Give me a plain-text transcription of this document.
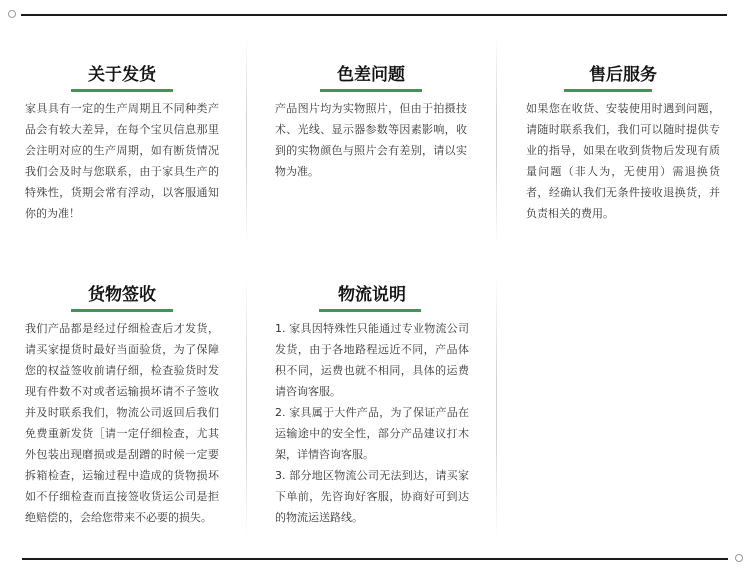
关于发货

家具具有一定的生产周期且不同种类产品会有较大差异，在每个宝贝信息那里会注明对应的生产周期，如有断货情况我们会及时与您联系，由于家具生产的特殊性，货期会常有浮动，以客服通知你的为准！

色差问题

产品图片均为实物照片，但由于拍摄技术、光线、显示器参数等因素影响，收到的实物颜色与照片会有差别，请以实物为准。

售后服务

如果您在收货、安装使用时遇到问题，请随时联系我们，我们可以随时提供专业的指导，如果在收到货物后发现有质量问题（非人为，无使用）需退换货者，经确认我们无条件接收退换货，并负责相关的费用。

货物签收

我们产品都是经过仔细检查后才发货，请买家提货时最好当面验货，为了保障您的权益签收前请仔细，检查验货时发现有件数不对或者运输损坏请不子签收并及时联系我们，物流公司返回后我们免费重新发货［请一定仔细检查，尤其外包装出现磨损或是刮蹭的时候一定要拆箱检查，运输过程中造成的货物损坏如不仔细检查而直接签收货运公司是拒绝赔偿的，会给您带来不必要的损失。

物流说明

1. 家具因特殊性只能通过专业物流公司发货，由于各地路程远近不同，产品体积不同，运费也就不相同，具体的运费请咨询客服。

2. 家具属于大件产品，为了保证产品在运输途中的安全性，部分产品建议打木架，详情咨询客服。

3. 部分地区物流公司无法到达，请买家下单前，先咨询好客服，协商好可到达的物流运送路线。
